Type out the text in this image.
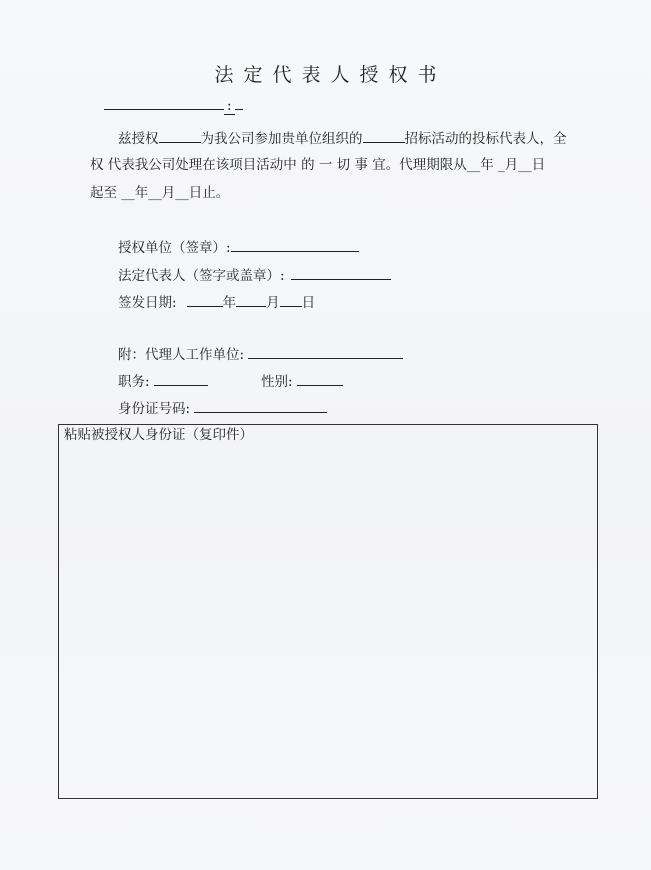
法定代表人授权书
:
兹授权	为我公司参加贵单位组织的	招标活动的投标代表人，全
权 代表我公司处理在该项目活动中 的 一 切 事 宜。代理期限从__年 _月__日
起至 __年__月__日止。
授权单位（签章）:
法定代表人（签字或盖章）:
签发日期:	年 月 日
附：代理人工作单位:
职务:	性别:
身份证号码:
粘贴被授权人身份证（复印件）
